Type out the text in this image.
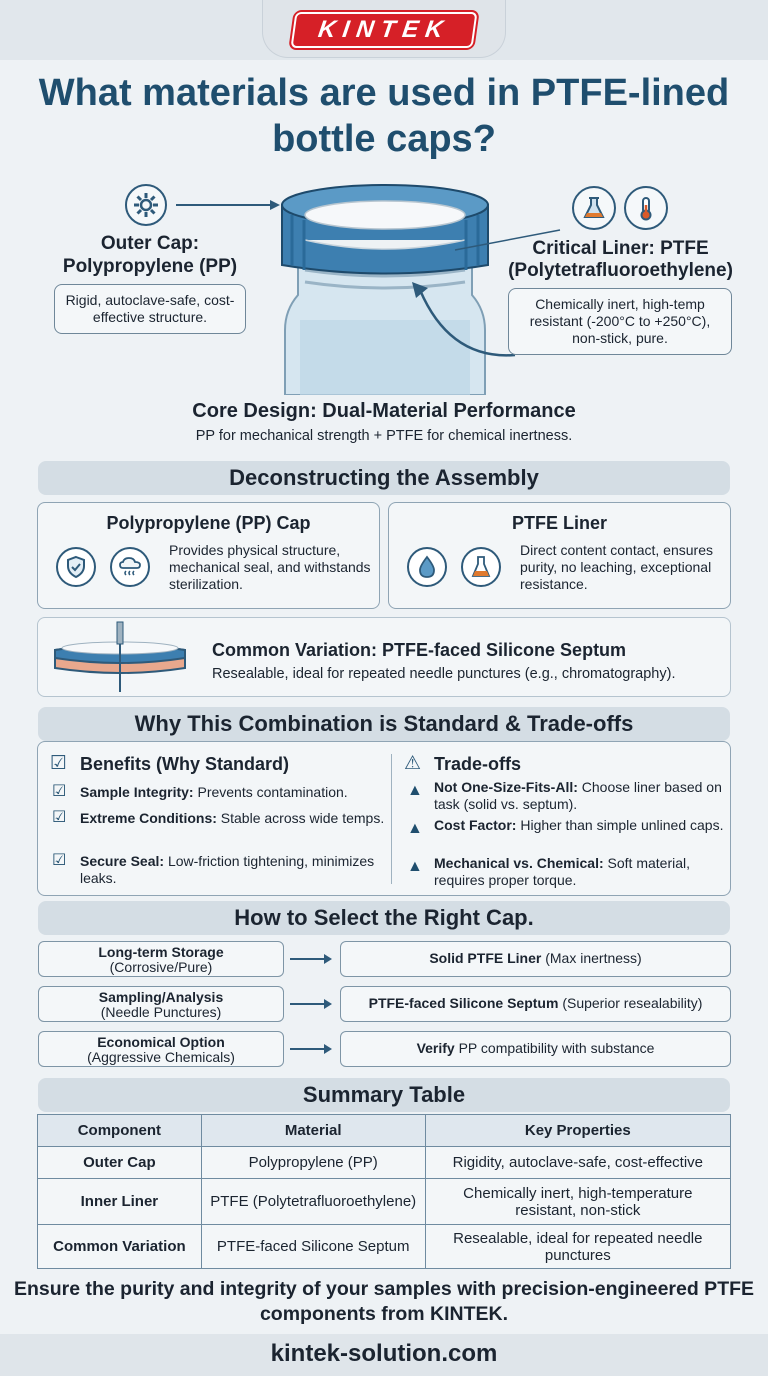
KINTEK
What materials are used in PTFE-lined bottle caps?
Outer Cap: Polypropylene (PP)
Rigid, autoclave-safe, cost-effective structure.
Critical Liner: PTFE (Polytetrafluoroethylene)
Chemically inert, high-temp resistant (-200°C to +250°C), non-stick, pure.
Core Design: Dual-Material Performance
PP for mechanical strength + PTFE for chemical inertness.
Deconstructing the Assembly
Polypropylene (PP) Cap
Provides physical structure, mechanical seal, and withstands sterilization.
PTFE Liner
Direct content contact, ensures purity, no leaching, exceptional resistance.
Common Variation: PTFE-faced Silicone Septum
Resealable, ideal for repeated needle punctures (e.g., chromatography).
Why This Combination is Standard & Trade-offs
☑ Benefits (Why Standard)
☑ Sample Integrity: Prevents contamination.
☑ Extreme Conditions: Stable across wide temps.
☑ Secure Seal: Low-friction tightening, minimizes leaks.
⚠ Trade-offs
▲ Not One-Size-Fits-All: Choose liner based on task (solid vs. septum).
▲ Cost Factor: Higher than simple unlined caps.
▲ Mechanical vs. Chemical: Soft material, requires proper torque.
How to Select the Right Cap.
Long-term Storage
(Corrosive/Pure)
Solid PTFE Liner (Max inertness)
Sampling/Analysis
(Needle Punctures)
PTFE-faced Silicone Septum (Superior resealability)
Economical Option
(Aggressive Chemicals)
Verify PP compatibility with substance
Summary Table
Component	Material	Key Properties
Outer Cap	Polypropylene (PP)	Rigidity, autoclave-safe, cost-effective
Inner Liner	PTFE (Polytetrafluoroethylene)	Chemically inert, high-temperature resistant, non-stick
Common Variation	PTFE-faced Silicone Septum	Resealable, ideal for repeated needle punctures
Ensure the purity and integrity of your samples with precision-engineered PTFE components from KINTEK.
kintek-solution.com
